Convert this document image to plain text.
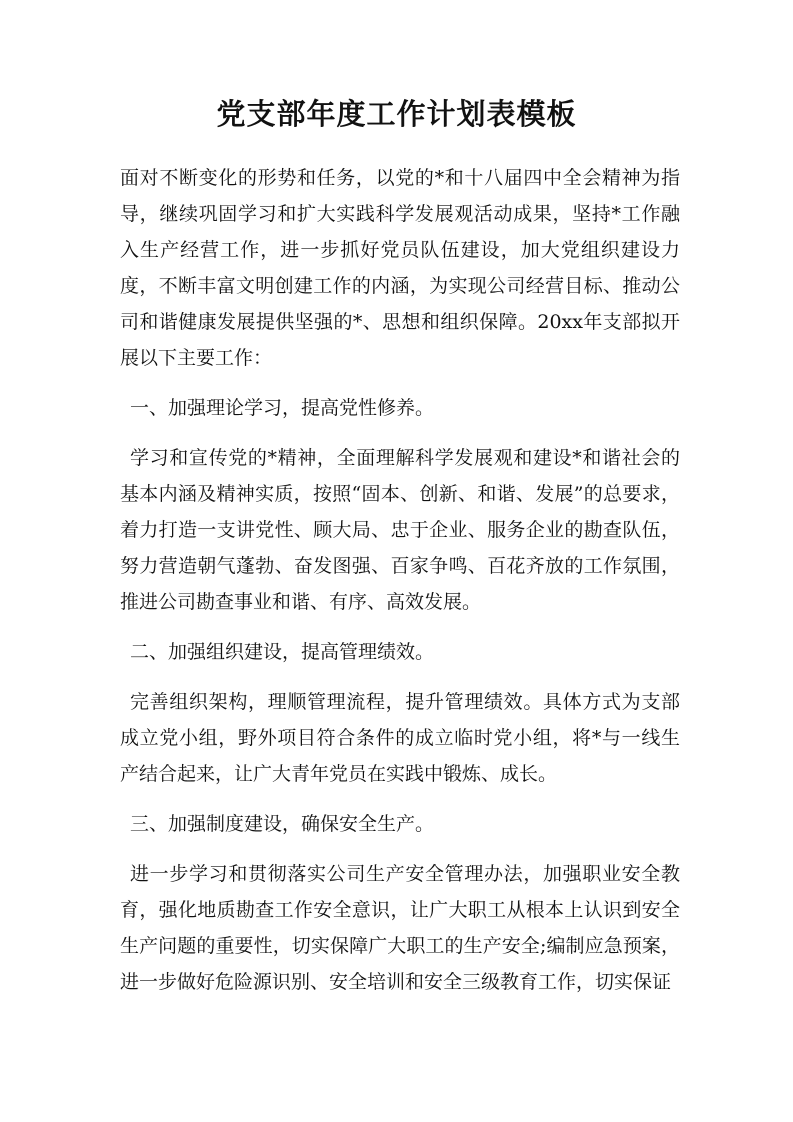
党支部年度工作计划表模板

面对不断变化的形势和任务，以党的*和十八届四中全会精神为指导，继续巩固学习和扩大实践科学发展观活动成果，坚持*工作融入生产经营工作，进一步抓好党员队伍建设，加大党组织建设力度，不断丰富文明创建工作的内涵，为实现公司经营目标、推动公司和谐健康发展提供坚强的*、思想和组织保障。20xx年支部拟开展以下主要工作：

一、加强理论学习，提高党性修养。

学习和宣传党的*精神，全面理解科学发展观和建设*和谐社会的基本内涵及精神实质，按照“固本、创新、和谐、发展”的总要求，着力打造一支讲党性、顾大局、忠于企业、服务企业的勘查队伍，努力营造朝气蓬勃、奋发图强、百家争鸣、百花齐放的工作氛围，推进公司勘查事业和谐、有序、高效发展。

二、加强组织建设，提高管理绩效。

完善组织架构，理顺管理流程，提升管理绩效。具体方式为支部成立党小组，野外项目符合条件的成立临时党小组，将*与一线生产结合起来，让广大青年党员在实践中锻炼、成长。

三、加强制度建设，确保安全生产。

进一步学习和贯彻落实公司生产安全管理办法，加强职业安全教育，强化地质勘查工作安全意识，让广大职工从根本上认识到安全生产问题的重要性，切实保障广大职工的生产安全;编制应急预案，进一步做好危险源识别、安全培训和安全三级教育工作，切实保证
